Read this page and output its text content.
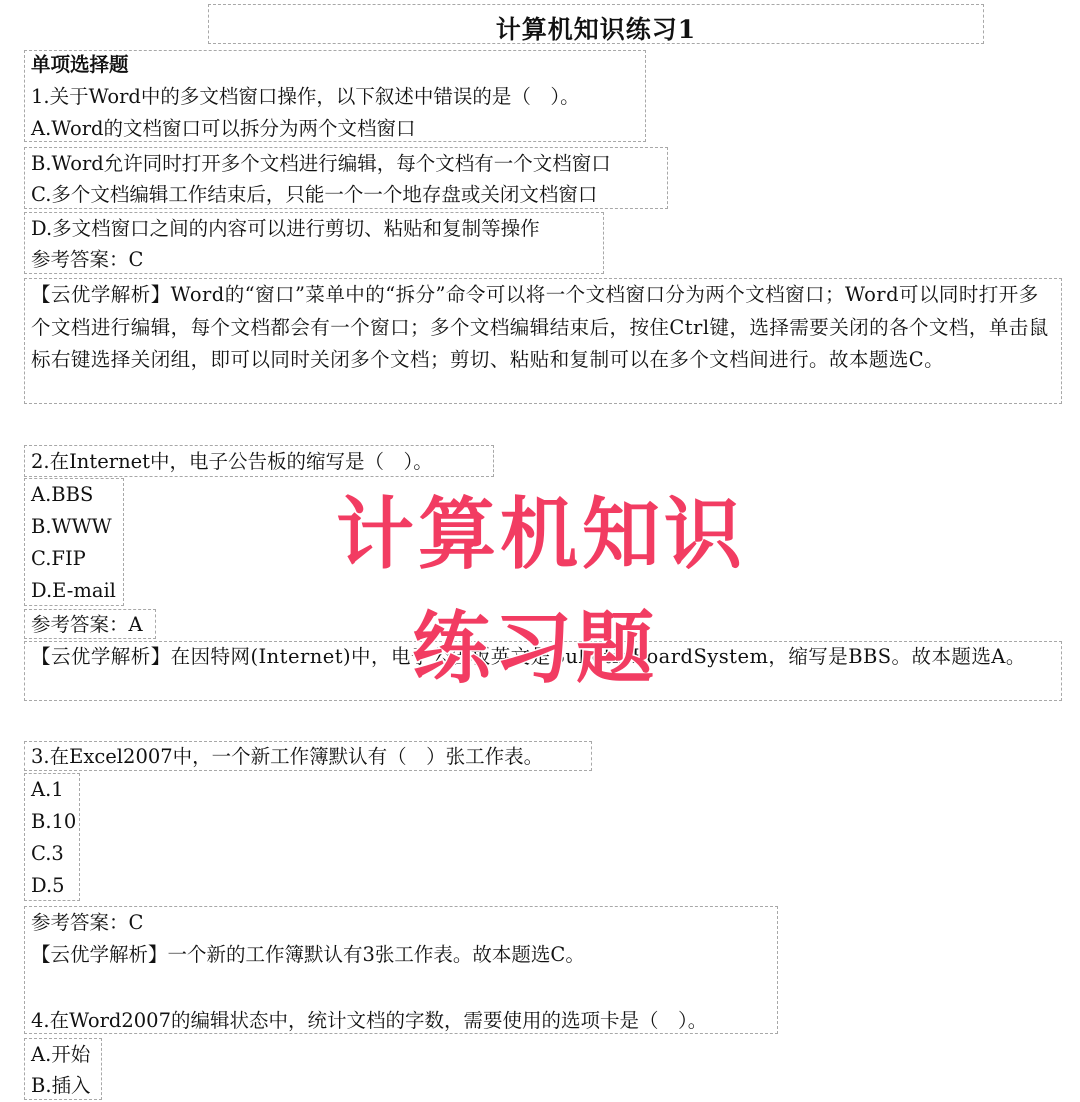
计算机知识练习1
单项选择题
1.关于Word中的多文档窗口操作，以下叙述中错误的是（　）。
A.Word的文档窗口可以拆分为两个文档窗口
B.Word允许同时打开多个文档进行编辑，每个文档有一个文档窗口
C.多个文档编辑工作结束后，只能一个一个地存盘或关闭文档窗口
D.多文档窗口之间的内容可以进行剪切、粘贴和复制等操作
参考答案：C

【云优学解析】Word的“窗口”菜单中的“拆分”命令可以将一个文档窗口分为两个文档窗口；Word可以同时打开多个文档进行编辑，每个文档都会有一个窗口；多个文档编辑结束后，按住Ctrl键，选择需要关闭的各个文档，单击鼠标右键选择关闭组，即可以同时关闭多个文档；剪切、粘贴和复制可以在多个文档间进行。故本题选C。

2.在Internet中，电子公告板的缩写是（　）。
A.BBS
B.WWW
C.FIP
D.E-mail
参考答案：A

【云优学解析】在因特网(Internet)中，电子公告板英文是BulletinBoardSystem，缩写是BBS。故本题选A。

3.在Excel2007中，一个新工作簿默认有（　）张工作表。
A.1
B.10
C.3
D.5
参考答案：C
【云优学解析】一个新的工作簿默认有3张工作表。故本题选C。
4.在Word2007的编辑状态中，统计文档的字数，需要使用的选项卡是（　）。
A.开始
B.插入
计算机知识
练习题
